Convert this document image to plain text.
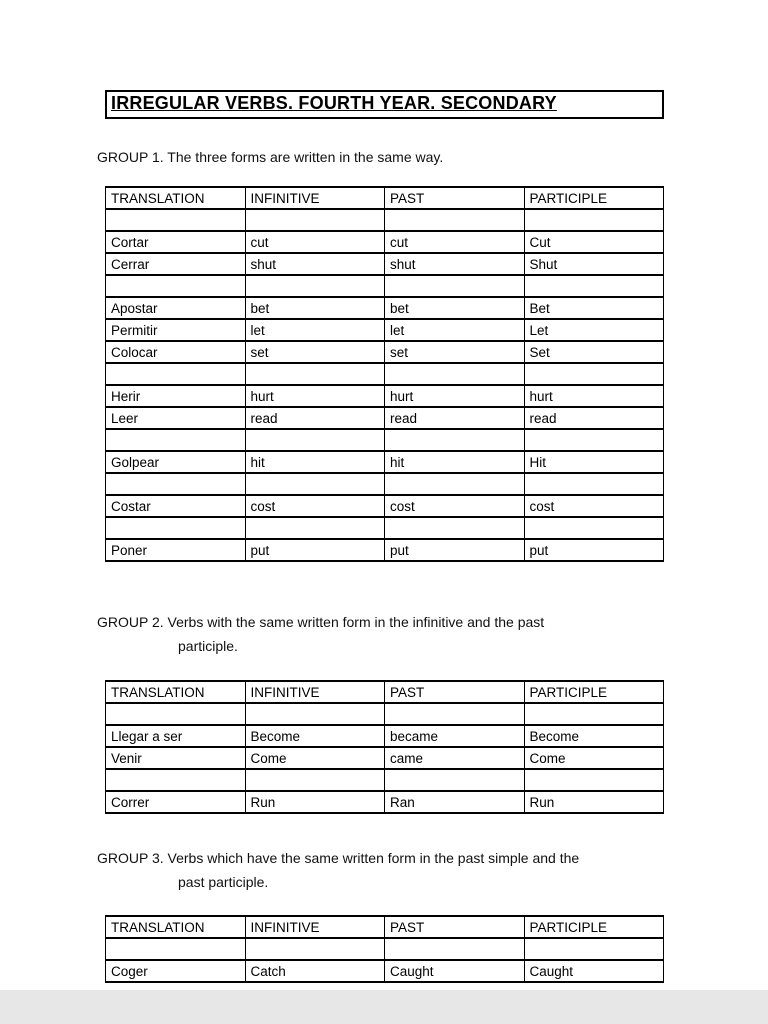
IRREGULAR VERBS. FOURTH YEAR. SECONDARY
GROUP 1. The three forms are written in the same way.
TRANSLATION	INFINITIVE	PAST	PARTICIPLE

Cortar	cut	cut	Cut
Cerrar	shut	shut	Shut

Apostar	bet	bet	Bet
Permitir	let	let	Let
Colocar	set	set	Set

Herir	hurt	hurt	hurt
Leer	read	read	read

Golpear	hit	hit	Hit

Costar	cost	cost	cost

Poner	put	put	put
GROUP 2. Verbs with the same written form in the infinitive and the past
participle.
TRANSLATION	INFINITIVE	PAST	PARTICIPLE

Llegar a ser	Become	became	Become
Venir	Come	came	Come

Correr	Run	Ran	Run
GROUP 3. Verbs which have the same written form in the past simple and the
past participle.
TRANSLATION	INFINITIVE	PAST	PARTICIPLE

Coger	Catch	Caught	Caught
